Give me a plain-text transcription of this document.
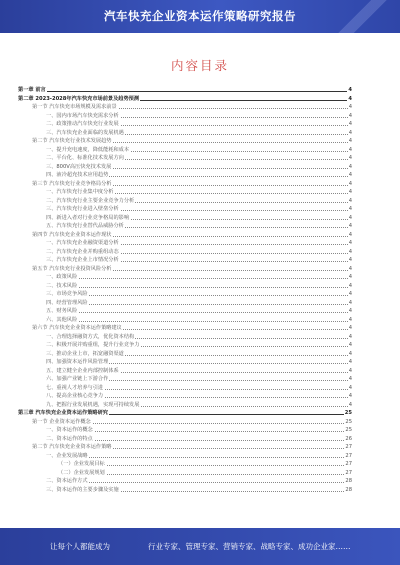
汽车快充企业资本运作策略研究报告
内容目录
第一章 前言	4
第二章 2023-2028年汽车快充市场前景及趋势预测	4
第一节 汽车快充市场规模及需求前景	4
一、国内市场汽车快充需求分析	4
二、政策推动汽车快充行业发展	4
三、汽车快充企业面临的发展机遇	4
第二节 汽车快充行业技术发展趋势	4
一、提升充电速度，降低能耗和成本	4
二、平台化、标准化技术发展方向	4
三、800V高压快充技术发展	4
四、液冷超充技术应用趋势	4
第三节 汽车快充行业竞争格局分析	4
一、汽车快充行业集中度分析	4
二、汽车快充行业主要企业竞争力分析	4
三、汽车快充行业进入壁垒分析	4
四、新进入者对行业竞争格局的影响	4
五、汽车快充行业替代品威胁分析	4
第四节 汽车快充企业资本运作现状	4
一、汽车快充企业融资渠道分析	4
二、汽车快充企业并购重组动态	4
三、汽车快充企业上市情况分析	4
第五节 汽车快充行业投资风险分析	4
一、政策风险	4
二、技术风险	4
三、市场竞争风险	4
四、经营管理风险	4
五、财务风险	4
六、其他风险	4
第六节 汽车快充企业资本运作策略建议	4
一、合理选择融资方式，优化资本结构	4
二、积极开展并购重组，提升行业竞争力	4
三、推动企业上市，拓宽融资渠道	4
四、加强资本运作风险管理	4
五、建立健全企业内部控制体系	4
六、加强产业链上下游合作	4
七、重视人才培养与引进	4
八、提高企业核心竞争力	4
九、把握行业发展机遇，实现可持续发展	4
第三章 汽车快充企业资本运作策略研究	25
第一节 企业资本运作概念	25
一、资本运作的概念	25
二、资本运作的特点	26
第二节 汽车快充企业资本运作策略	27
一、企业发展战略	27
（一）企业发展目标	27
（二）企业发展规划	27
二、资本运作方式	28
三、资本运作的主要步骤及实施	28
让每个人都能成为	行业专家、管理专家、营销专家、战略专家、成功企业家……
